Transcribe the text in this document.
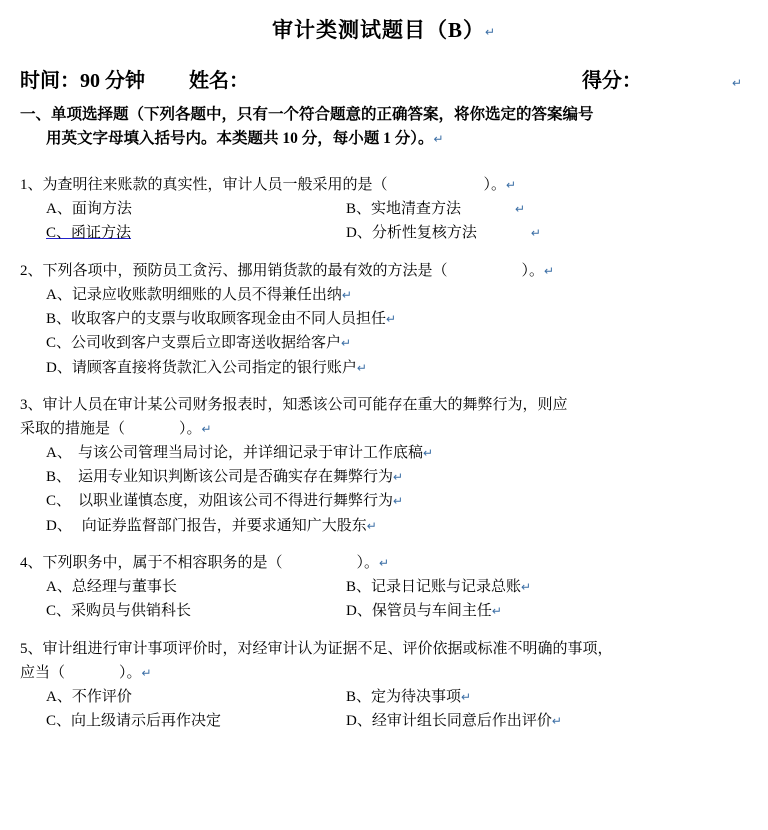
审计类测试题目（B）↵
时间：90 分钟 姓名：	得分：	↵
一、单项选择题（下列各题中，只有一个符合题意的正确答案，将你选定的答案编号
用英文字母填入括号内。本类题共 10 分，每小题 1 分）。↵
1、为查明往来账款的真实性，审计人员一般采用的是（	）。↵
A、面询方法	B、实地清查方法	↵
C、函证方法	D、分析性复核方法	↵
2、下列各项中，预防员工贪污、挪用销货款的最有效的方法是（	）。↵
A、记录应收账款明细账的人员不得兼任出纳↵
B、收取客户的支票与收取顾客现金由不同人员担任↵
C、公司收到客户支票后立即寄送收据给客户↵
D、请顾客直接将货款汇入公司指定的银行账户↵
3、审计人员在审计某公司财务报表时，知悉该公司可能存在重大的舞弊行为，则应
采取的措施是（	）。↵
A、 与该公司管理当局讨论，并详细记录于审计工作底稿↵
B、 运用专业知识判断该公司是否确实存在舞弊行为↵
C、 以职业谨慎态度，劝阻该公司不得进行舞弊行为↵
D、 向证券监督部门报告，并要求通知广大股东↵
4、下列职务中，属于不相容职务的是（	）。↵
A、总经理与董事长	B、记录日记账与记录总账↵
C、采购员与供销科长	D、保管员与车间主任↵
5、审计组进行审计事项评价时，对经审计认为证据不足、评价依据或标准不明确的事项，
应当（	）。↵
A、不作评价	B、定为待决事项↵
C、向上级请示后再作决定	D、经审计组长同意后作出评价↵
